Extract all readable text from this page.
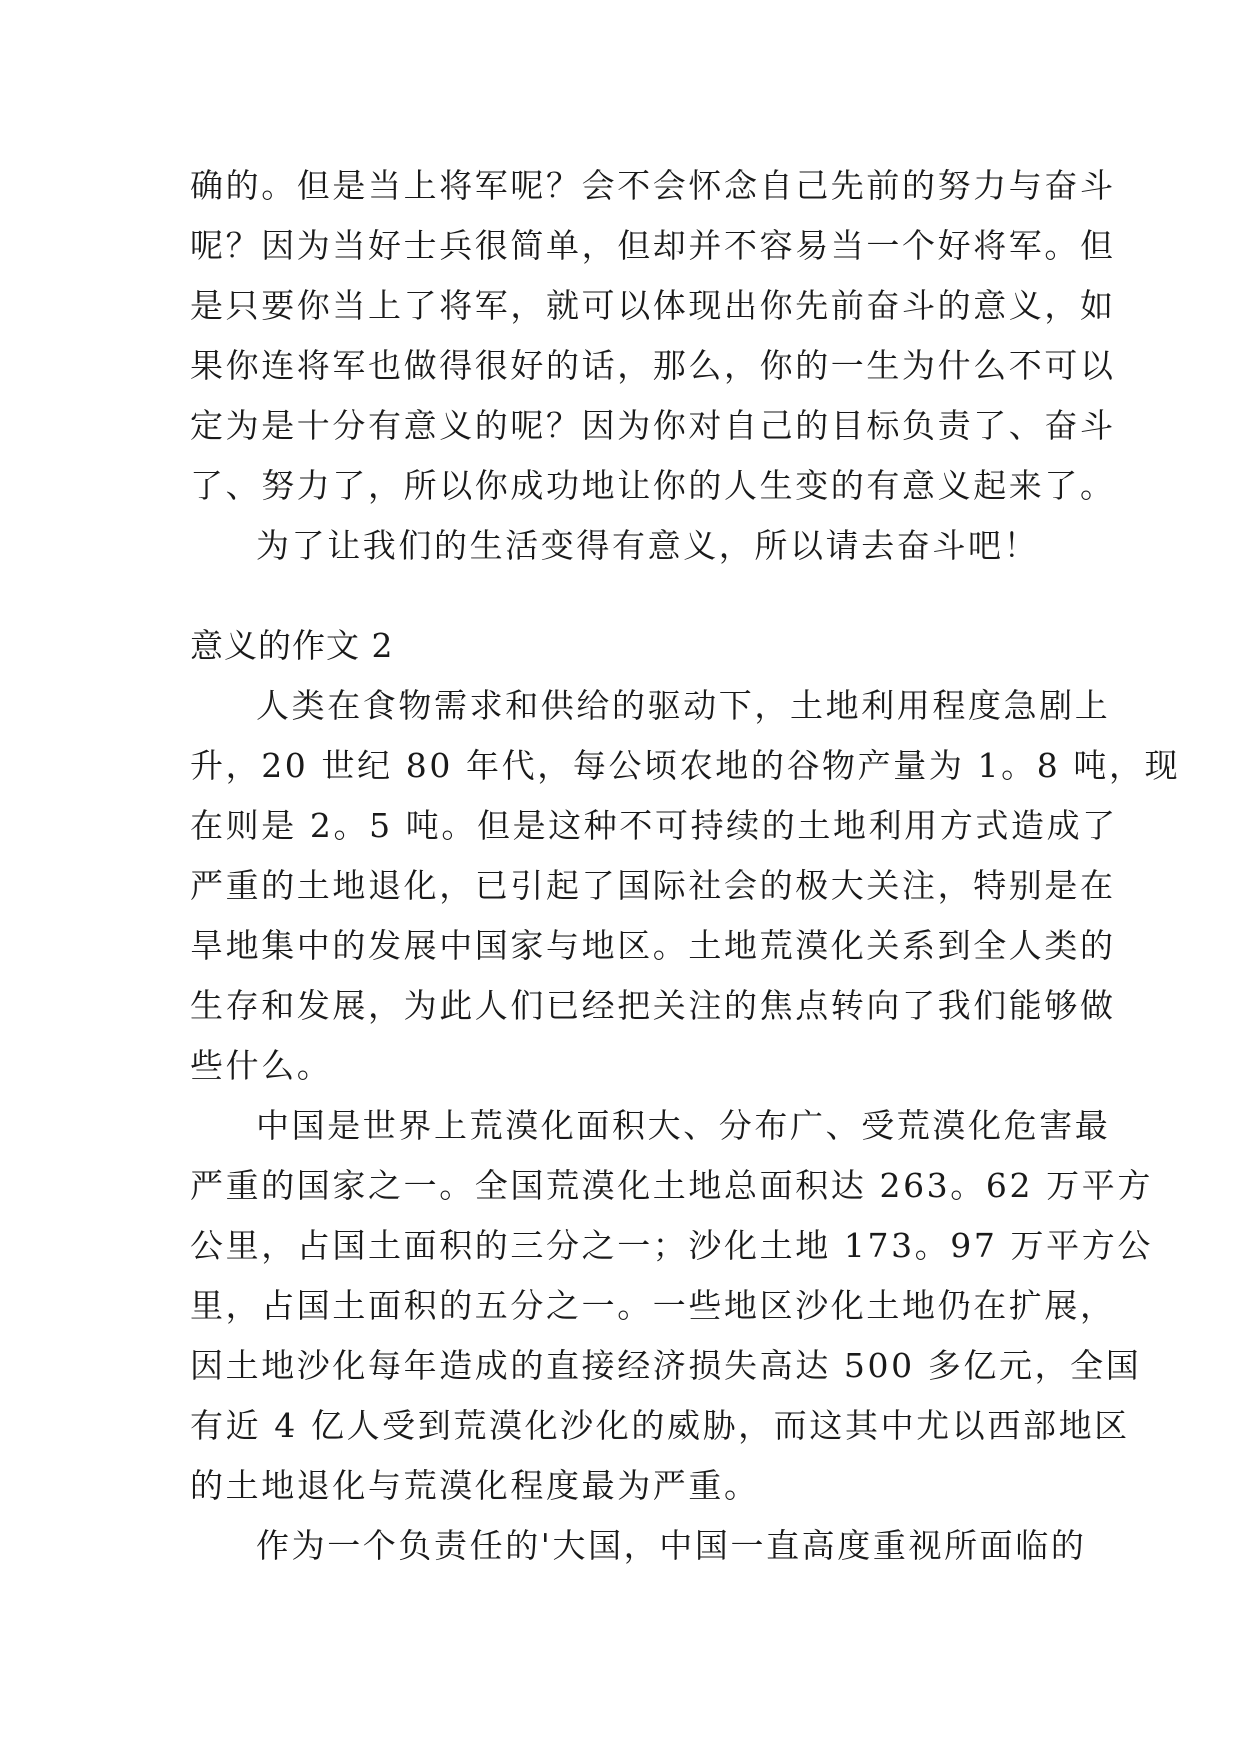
确的。但是当上将军呢？会不会怀念自己先前的努力与奋斗
呢？因为当好士兵很简单，但却并不容易当一个好将军。但
是只要你当上了将军，就可以体现出你先前奋斗的意义，如
果你连将军也做得很好的话，那么，你的一生为什么不可以
定为是十分有意义的呢？因为你对自己的目标负责了、奋斗
了、努力了，所以你成功地让你的人生变的有意义起来了。
为了让我们的生活变得有意义，所以请去奋斗吧！
意义的作文 2
人类在食物需求和供给的驱动下，土地利用程度急剧上
升，20 世纪 80 年代，每公顷农地的谷物产量为 1。8 吨，现
在则是 2。5 吨。但是这种不可持续的土地利用方式造成了
严重的土地退化，已引起了国际社会的极大关注，特别是在
旱地集中的发展中国家与地区。土地荒漠化关系到全人类的
生存和发展，为此人们已经把关注的焦点转向了我们能够做
些什么。
中国是世界上荒漠化面积大、分布广、受荒漠化危害最
严重的国家之一。全国荒漠化土地总面积达 263。62 万平方
公里，占国土面积的三分之一；沙化土地 173。97 万平方公
里，占国土面积的五分之一。一些地区沙化土地仍在扩展，
因土地沙化每年造成的直接经济损失高达 500 多亿元，全国
有近 4 亿人受到荒漠化沙化的威胁，而这其中尤以西部地区
的土地退化与荒漠化程度最为严重。
作为一个负责任的'大国，中国一直高度重视所面临的
